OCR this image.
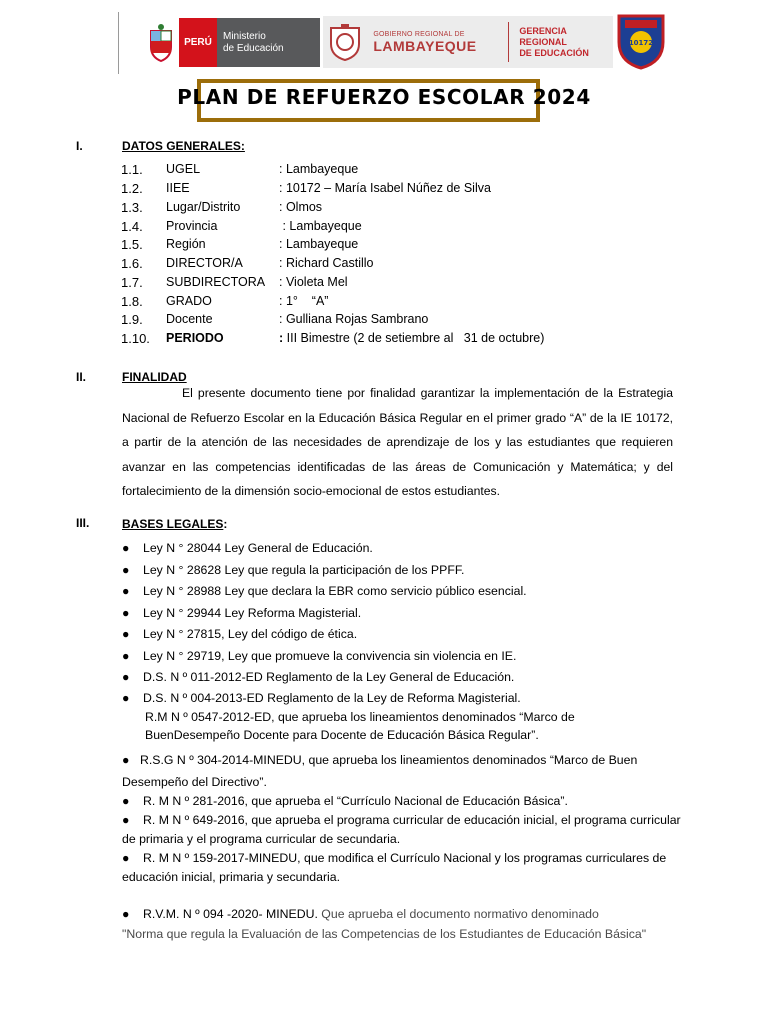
PERÚ
Ministerio
de Educación
GOBIERNO REGIONAL DE
LAMBAYEQUE
GERENCIA REGIONAL
DE EDUCACIÓN
10172
PLAN DE REFUERZO ESCOLAR 2024
I.	DATOS GENERALES:
1.1. UGEL	: Lambayeque
1.2. IIEE	: 10172 – María Isabel Núñez de Silva
1.3. Lugar/Distrito	: Olmos
1.4. Provincia	: Lambayeque
1.5. Región	: Lambayeque
1.6. DIRECTOR/A	: Richard Castillo
1.7. SUBDIRECTORA : Violeta Mel
1.8. GRADO	: 1°    “A”
1.9. Docente	: Gulliana Rojas Sambrano
1.10. PERIODO	: III Bimestre (2 de setiembre al   31 de octubre)
II.	FINALIDAD
El presente documento tiene por finalidad garantizar la implementación de la Estrategia Nacional de Refuerzo Escolar en la Educación Básica Regular en el primer grado “A” de la IE 10172, a partir de la atención de las necesidades de aprendizaje de los y las estudiantes que requieren avanzar en las competencias identificadas de las áreas de Comunicación y Matemática; y del fortalecimiento de la dimensión socio-emocional de estos estudiantes.
III.	BASES LEGALES:
● Ley N ° 28044 Ley General de Educación.
● Ley N ° 28628 Ley que regula la participación de los PPFF.
● Ley N ° 28988 Ley que declara la EBR como servicio público esencial.
● Ley N ° 29944 Ley Reforma Magisterial.
● Ley N ° 27815, Ley del código de ética.
● Ley N ° 29719, Ley que promueve la convivencia sin violencia en IE.
● D.S. N º 011-2012-ED Reglamento de la Ley General de Educación.
● D.S. N º 004-2013-ED Reglamento de la Ley de Reforma Magisterial.
R.M N º 0547-2012-ED, que aprueba los lineamientos denominados “Marco de
BuenDesempeño Docente para Docente de Educación Básica Regular”.
● R.S.G N º 304-2014-MINEDU, que aprueba los lineamientos denominados “Marco de Buen Desempeño del Directivo”.
● R. M N º 281-2016, que aprueba el “Currículo Nacional de Educación Básica”.
● R. M N º 649-2016, que aprueba el programa curricular de educación inicial, el programa curricular de primaria y el programa curricular de secundaria.
● R. M N º 159-2017-MINEDU, que modifica el Currículo Nacional y los programas curriculares de educación inicial, primaria y secundaria.
● R.V.M. N º 094 -2020- MINEDU. Que aprueba el documento normativo denominado
"Norma que regula la Evaluación de las Competencias de los Estudiantes de Educación Básica"
